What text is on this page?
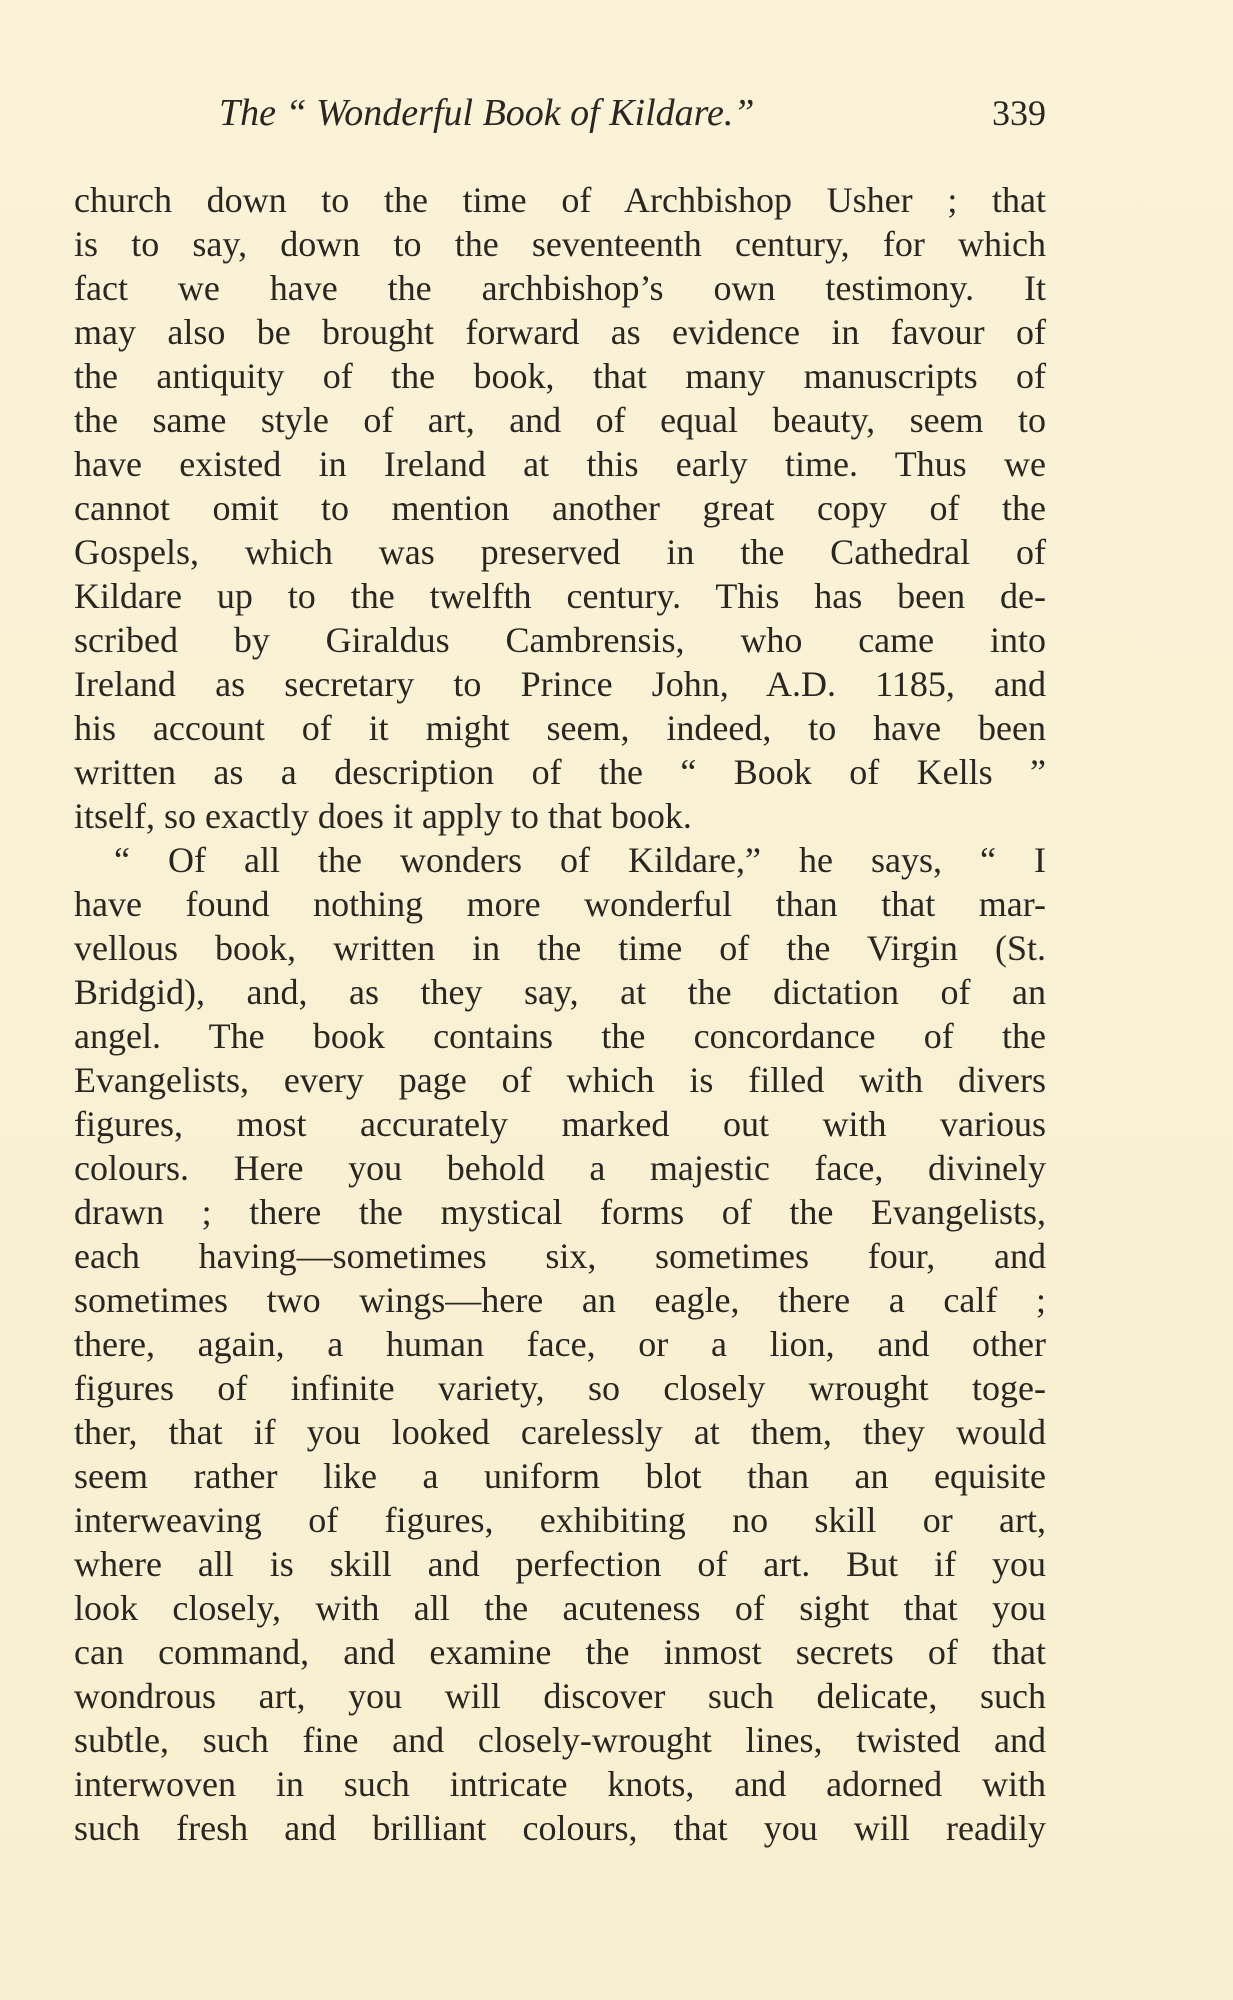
The “ Wonderful Book of Kildare.”	339
church down to the time of Archbishop Usher ; that
is to say, down to the seventeenth century, for which
fact we have the archbishop’s own testimony. It
may also be brought forward as evidence in favour of
the antiquity of the book, that many manuscripts of
the same style of art, and of equal beauty, seem to
have existed in Ireland at this early time. Thus we
cannot omit to mention another great copy of the
Gospels, which was preserved in the Cathedral of
Kildare up to the twelfth century. This has been de-
scribed by Giraldus Cambrensis, who came into
Ireland as secretary to Prince John, A.D. 1185, and
his account of it might seem, indeed, to have been
written as a description of the “ Book of Kells ”
itself, so exactly does it apply to that book.
“ Of all the wonders of Kildare,” he says, “ I
have found nothing more wonderful than that mar-
vellous book, written in the time of the Virgin (St.
Bridgid), and, as they say, at the dictation of an
angel. The book contains the concordance of the
Evangelists, every page of which is filled with divers
figures, most accurately marked out with various
colours. Here you behold a majestic face, divinely
drawn ; there the mystical forms of the Evangelists,
each having—sometimes six, sometimes four, and
sometimes two wings—here an eagle, there a calf ;
there, again, a human face, or a lion, and other
figures of infinite variety, so closely wrought toge-
ther, that if you looked carelessly at them, they would
seem rather like a uniform blot than an equisite
interweaving of figures, exhibiting no skill or art,
where all is skill and perfection of art. But if you
look closely, with all the acuteness of sight that you
can command, and examine the inmost secrets of that
wondrous art, you will discover such delicate, such
subtle, such fine and closely-wrought lines, twisted and
interwoven in such intricate knots, and adorned with
such fresh and brilliant colours, that you will readily
